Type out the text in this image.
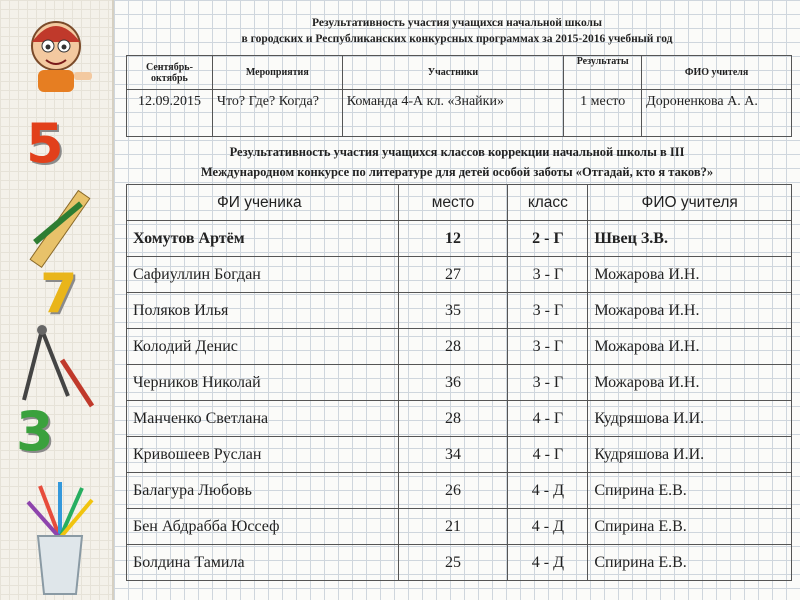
5
7
3
Результативность участия учащихся начальной школы
в городских и Республиканских конкурсных программах за 2015-2016 учебный год
Сентябрь-октябрь	Мероприятия	Участники	Результаты	ФИО учителя
12.09.2015	Что? Где? Когда?	Команда 4-А кл. «Знайки»	1 место	Дороненкова А. А.
Результативность участия учащихся классов коррекции начальной школы в III
Международном конкурсе по литературе для детей особой заботы «Отгадай, кто я таков?»
ФИ ученика	место	класс	ФИО учителя
Хомутов Артём	12	2 - Г	Швец З.В.
Сафиуллин Богдан	27	3 - Г	Можарова И.Н.
Поляков Илья	35	3 - Г	Можарова И.Н.
Колодий Денис	28	3 - Г	Можарова И.Н.
Черников Николай	36	3 - Г	Можарова И.Н.
Манченко Светлана	28	4 - Г	Кудряшова И.И.
Кривошеев Руслан	34	4 - Г	Кудряшова И.И.
Балагура Любовь	26	4 - Д	Спирина Е.В.
Бен Абдрабба Юссеф	21	4 - Д	Спирина Е.В.
Болдина Тамила	25	4 - Д	Спирина Е.В.
